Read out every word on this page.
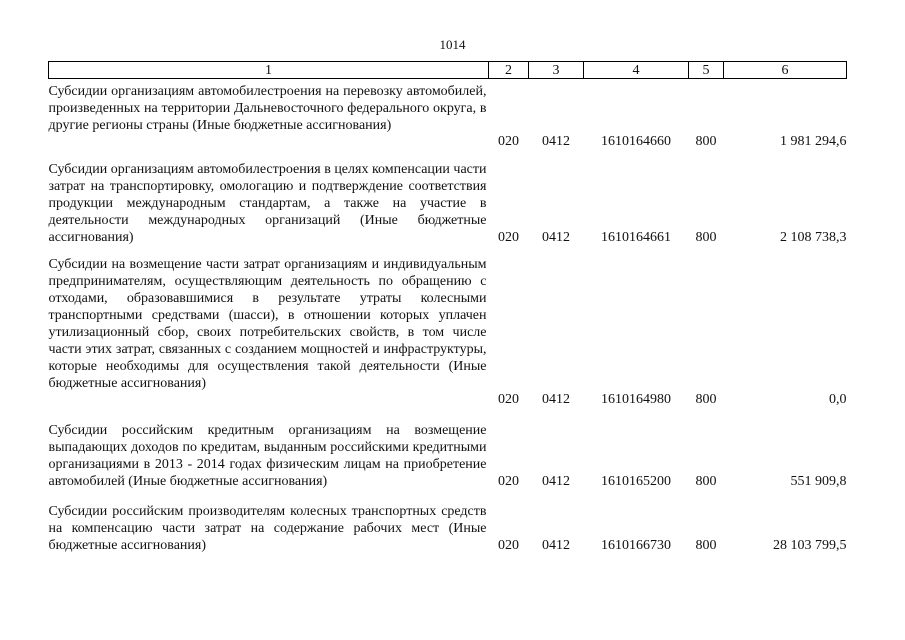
1014
1	2	3	4	5	6
Субсидии организациям автомобилестроения на перевозку автомобилей, произведенных на территории Дальневосточного федерального округа, в другие регионы страны (Иные бюджетные ассигнования)	020	0412	1610164660	800	1 981 294,6
Субсидии организациям автомобилестроения в целях компенсации части затрат на транспортировку, омологацию и подтверждение соответствия продукции международным стандартам, а также на участие в деятельности международных организаций (Иные бюджетные ассигнования)	020	0412	1610164661	800	2 108 738,3
Субсидии на возмещение части затрат организациям и индивидуальным предпринимателям, осуществляющим деятельность по обращению с отходами, образовавшимися в результате утраты колесными транспортными средствами (шасси), в отношении которых уплачен утилизационный сбор, своих потребительских свойств, в том числе части этих затрат, связанных с созданием мощностей и инфраструктуры, которые необходимы для осуществления такой деятельности (Иные бюджетные ассигнования)	020	0412	1610164980	800	0,0
Субсидии российским кредитным организациям на возмещение выпадающих доходов по кредитам, выданным российскими кредитными организациями в 2013 - 2014 годах физическим лицам на приобретение автомобилей (Иные бюджетные ассигнования)	020	0412	1610165200	800	551 909,8
Субсидии российским производителям колесных транспортных средств на компенсацию части затрат на содержание рабочих мест (Иные бюджетные ассигнования)	020	0412	1610166730	800	28 103 799,5
